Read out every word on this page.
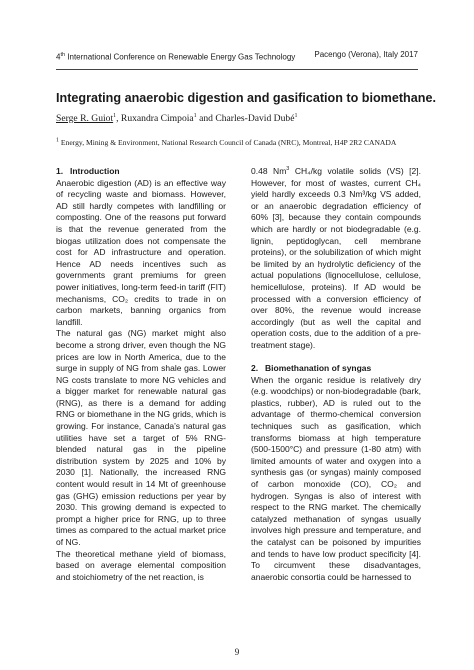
4th International Conference on Renewable Energy Gas Technology Pacengo (Verona), Italy 2017
Integrating anaerobic digestion and gasification to biomethane.
Serge R. Guiot$^1$, Ruxandra Cimpoia$^1$ and Charles-David Dubé$^1$
$^1$ Energy, Mining & Environment, National Research Council of Canada (NRC), Montreal, H4P 2R2 CANADA
1. Introduction

Anaerobic digestion (AD) is an effective way of recycling waste and biomass. However, AD still hardly competes with landfilling or composting. One of the reasons put forward is that the revenue generated from the biogas utilization does not compensate the cost for AD infrastructure and operation. Hence AD needs incentives such as governments grant premiums for green power initiatives, long-term feed-in tariff (FIT) mechanisms, CO₂ credits to trade in on carbon markets, banning organics from landfill.

The natural gas (NG) market might also become a strong driver, even though the NG prices are low in North America, due to the surge in supply of NG from shale gas. Lower NG costs translate to more NG vehicles and a bigger market for renewable natural gas (RNG), as there is a demand for adding RNG or biomethane in the NG grids, which is growing. For instance, Canada’s natural gas utilities have set a target of 5% RNG-blended natural gas in the pipeline distribution system by 2025 and 10% by 2030 [1]. Nationally, the increased RNG content would result in 14 Mt of greenhouse gas (GHG) emission reductions per year by 2030. This growing demand is expected to prompt a higher price for RNG, up to three times as compared to the actual market price of NG.

The theoretical methane yield of biomass, based on average elemental composition and stoichiometry of the net reaction, is

0.48 Nm$^3$ CH₄/kg volatile solids (VS) [2]. However, for most of wastes, current CH₄ yield hardly exceeds 0.3 Nm³/kg VS added, or an anaerobic degradation efficiency of 60% [3], because they contain compounds which are hardly or not biodegradable (e.g. lignin, peptidoglycan, cell membrane proteins), or the solubilization of which might be limited by an hydrolytic deficiency of the actual populations (lignocellulose, cellulose, hemicellulose, proteins). If AD would be processed with a conversion efficiency of over 80%, the revenue would increase accordingly (but as well the capital and operation costs, due to the addition of a pre-treatment stage).

2. Biomethanation of syngas

When the organic residue is relatively dry (e.g. woodchips) or non-biodegradable (bark, plastics, rubber), AD is ruled out to the advantage of thermo-chemical conversion techniques such as gasification, which transforms biomass at high temperature (500-1500°C) and pressure (1-80 atm) with limited amounts of water and oxygen into a synthesis gas (or syngas) mainly composed of carbon monoxide (CO), CO₂ and hydrogen. Syngas is also of interest with respect to the RNG market. The chemically catalyzed methanation of syngas usually involves high pressure and temperature, and the catalyst can be poisoned by impurities and tends to have low product specificity [4]. To circumvent these disadvantages, anaerobic consortia could be harnessed to

9
